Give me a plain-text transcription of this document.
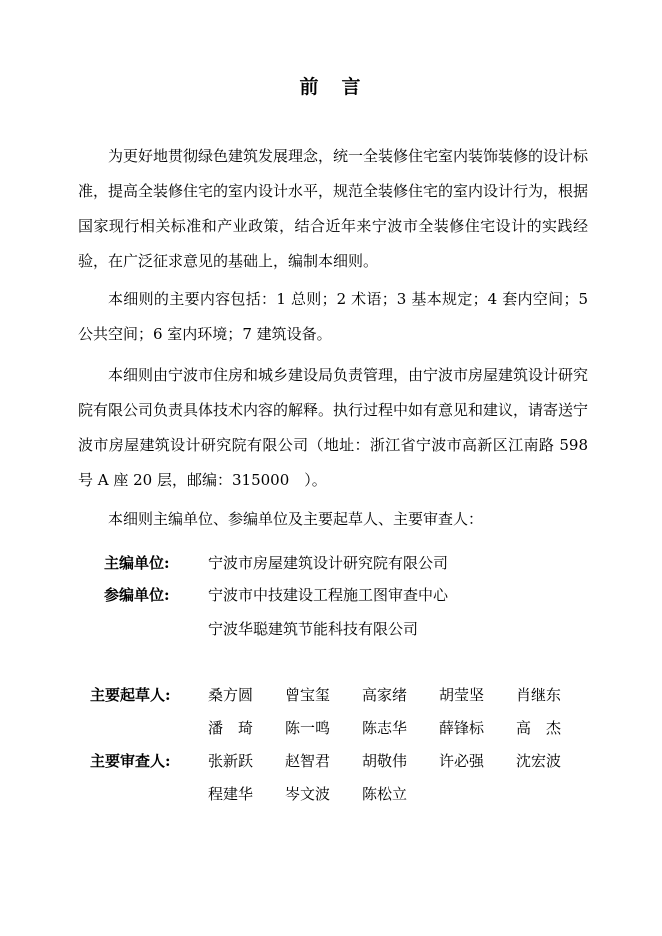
前　言

为更好地贯彻绿色建筑发展理念，统一全装修住宅室内装饰装修的设计标准，提高全装修住宅的室内设计水平，规范全装修住宅的室内设计行为，根据国家现行相关标准和产业政策，结合近年来宁波市全装修住宅设计的实践经验，在广泛征求意见的基础上，编制本细则。

本细则的主要内容包括：1 总则；2 术语；3 基本规定；4 套内空间；5 公共空间；6 室内环境；7 建筑设备。

本细则由宁波市住房和城乡建设局负责管理，由宁波市房屋建筑设计研究院有限公司负责具体技术内容的解释。执行过程中如有意见和建议，请寄送宁波市房屋建筑设计研究院有限公司（地址：浙江省宁波市高新区江南路 598 号 A 座 20 层，邮编：315000　）。

本细则主编单位、参编单位及主要起草人、主要审查人：

主编单位:	宁波市房屋建筑设计研究院有限公司
参编单位:	宁波市中技建设工程施工图审查中心
宁波华聪建筑节能科技有限公司
主要起草人: 桑方圆 曾宝玺 高家绪 胡莹坚 肖继东
潘　琦 陈一鸣 陈志华 薛锋标 高　杰
主要审查人: 张新跃 赵智君 胡敬伟 许必强 沈宏波
程建华 岑文波 陈松立
